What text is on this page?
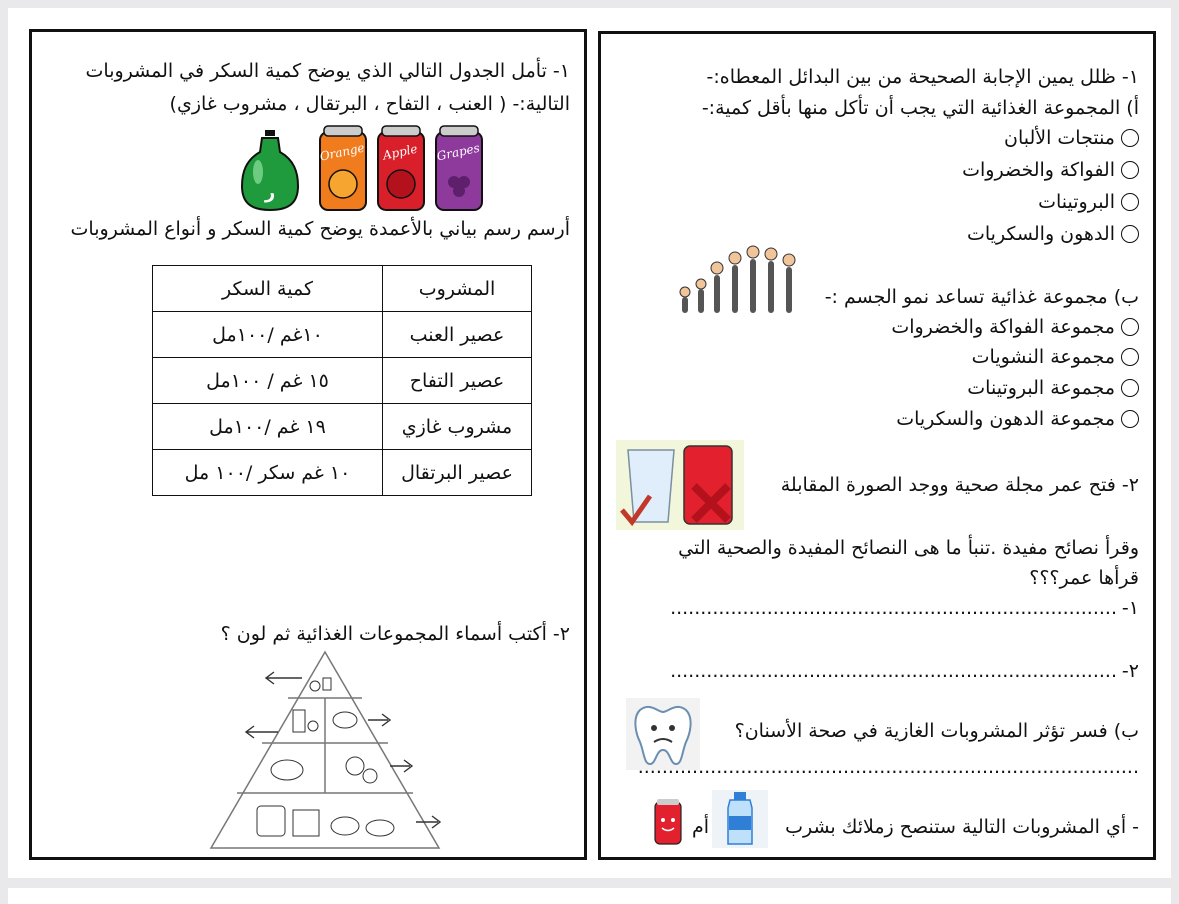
١- تأمل الجدول التالي الذي يوضح كمية السكر في المشروبات
التالية:- ( العنب ، التفاح ، البرتقال ، مشروب غازي)
ر
Orange Apple Grapes
أرسم رسم بياني بالأعمدة يوضح كمية السكر و أنواع المشروبات
المشروب	كمية السكر
عصير العنب	١٠غم /١٠٠مل
عصير التفاح	١٥ غم / ١٠٠مل
مشروب غازي	١٩ غم /١٠٠مل
عصير البرتقال	١٠ غم سكر /١٠٠ مل
٢- أكتب أسماء المجموعات الغذائية ثم لون ؟
١- ظلل يمين الإجابة الصحيحة من بين البدائل المعطاه:-
أ) المجموعة الغذائية التي يجب أن تأكل منها بأقل كمية:-
منتجات الألبان
الفواكة والخضروات
البروتينات
الدهون والسكريات
ب) مجموعة غذائية تساعد نمو الجسم :-
مجموعة الفواكة والخضروات
مجموعة النشويات
مجموعة البروتينات
مجموعة الدهون والسكريات
٢- فتح عمر مجلة صحية ووجد الصورة المقابلة
وقرأ نصائح مفيدة .تنبأ ما هى النصائح المفيدة والصحية التي
قرأها عمر؟؟؟
١-
..........................................................................
٢-
..........................................................................
ب) فسر تؤثر المشروبات الغازية في صحة الأسنان؟
...................................................................................
- أي المشروبات التالية ستنصح زملائك بشرب
أم
